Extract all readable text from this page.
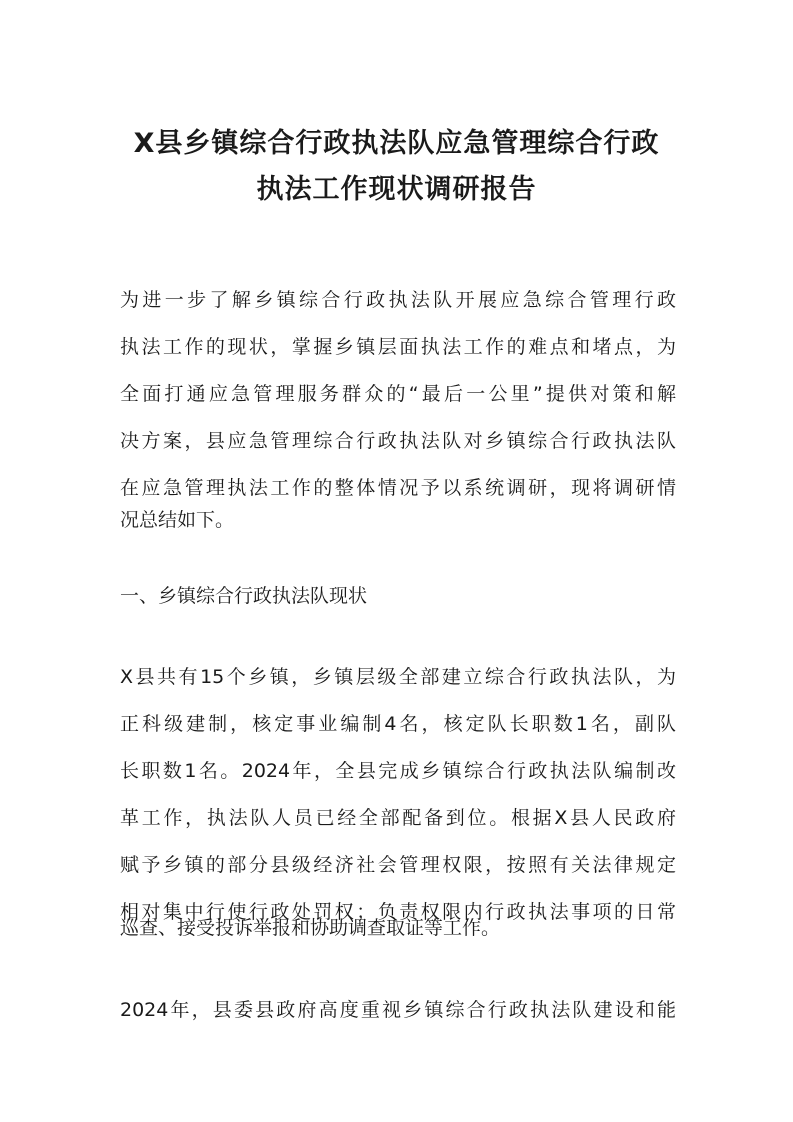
X县乡镇综合行政执法队应急管理综合行政
执法工作现状调研报告
为进一步了解乡镇综合行政执法队开展应急综合管理行政
执法工作的现状，掌握乡镇层面执法工作的难点和堵点，为
全面打通应急管理服务群众的“最后一公里”提供对策和解
决方案，县应急管理综合行政执法队对乡镇综合行政执法队
在应急管理执法工作的整体情况予以系统调研，现将调研情
况总结如下。
一、乡镇综合行政执法队现状
X县共有15个乡镇，乡镇层级全部建立综合行政执法队，为
正科级建制，核定事业编制4名，核定队长职数1名，副队
长职数1名。2024年，全县完成乡镇综合行政执法队编制改
革工作，执法队人员已经全部配备到位。根据X县人民政府
赋予乡镇的部分县级经济社会管理权限，按照有关法律规定
相对集中行使行政处罚权；负责权限内行政执法事项的日常
巡查、接受投诉举报和协助调查取证等工作。
2024年，县委县政府高度重视乡镇综合行政执法队建设和能
